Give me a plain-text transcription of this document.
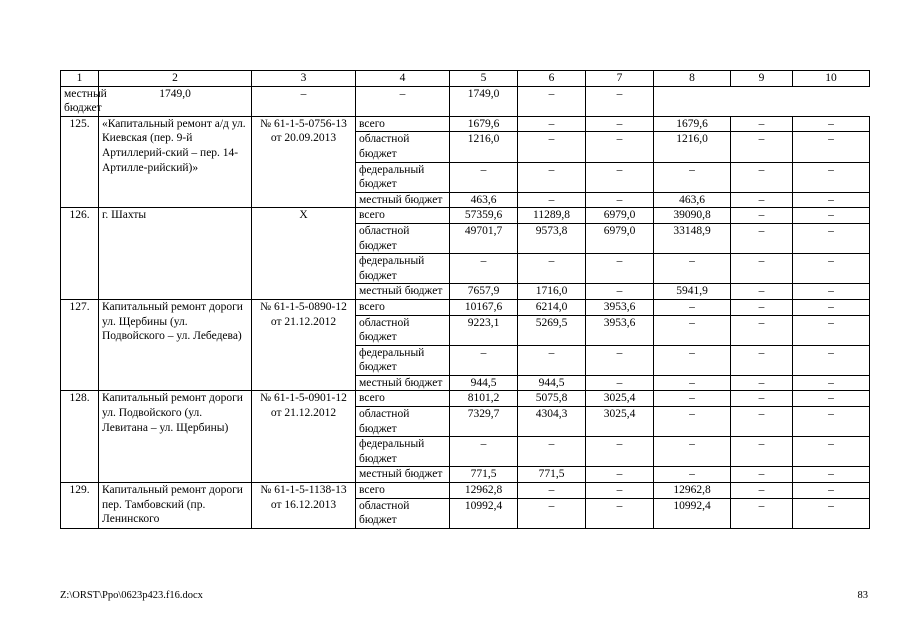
1	2	3	4	5	6	7	8	9	10
местный бюджет	1749,0	–	–	1749,0	–	–			
125.	«Капитальный ремонт а/д ул. Киевская (пер. 9-й Артиллерий-ский – пер. 14-Артилле-рийский)»	№ 61-1-5-0756-13 от 20.09.2013	всего	1679,6	–	–	1679,6	–	–
			областной бюджет	1216,0	–	–	1216,0	–	–
			федеральный бюджет	–	–	–	–	–	–
			местный бюджет	463,6	–	–	463,6	–	–
126.	г. Шахты	Х	всего	57359,6	11289,8	6979,0	39090,8	–	–
			областной бюджет	49701,7	9573,8	6979,0	33148,9	–	–
			федеральный бюджет	–	–	–	–	–	–
			местный бюджет	7657,9	1716,0	–	5941,9	–	–
127.	Капитальный ремонт дороги ул. Щербины (ул. Подвойского – ул. Лебедева)	№ 61-1-5-0890-12 от 21.12.2012	всего	10167,6	6214,0	3953,6	–	–	–
			областной бюджет	9223,1	5269,5	3953,6	–	–	–
			федеральный бюджет	–	–	–	–	–	–
			местный бюджет	944,5	944,5	–	–	–	–
128.	Капитальный ремонт дороги ул. Подвойского (ул. Левитана – ул. Щербины)	№ 61-1-5-0901-12 от 21.12.2012	всего	8101,2	5075,8	3025,4	–	–	–
			областной бюджет	7329,7	4304,3	3025,4	–	–	–
			федеральный бюджет	–	–	–	–	–	–
			местный бюджет	771,5	771,5	–	–	–	–
129.	Капитальный ремонт дороги пер. Тамбовский (пр. Ленинского	№ 61-1-5-1138-13 от 16.12.2013	всего	12962,8	–	–	12962,8	–	–
			областной бюджет	10992,4	–	–	10992,4	–	–
Z:\ORST\Ppo\0623p423.f16.docx	83
